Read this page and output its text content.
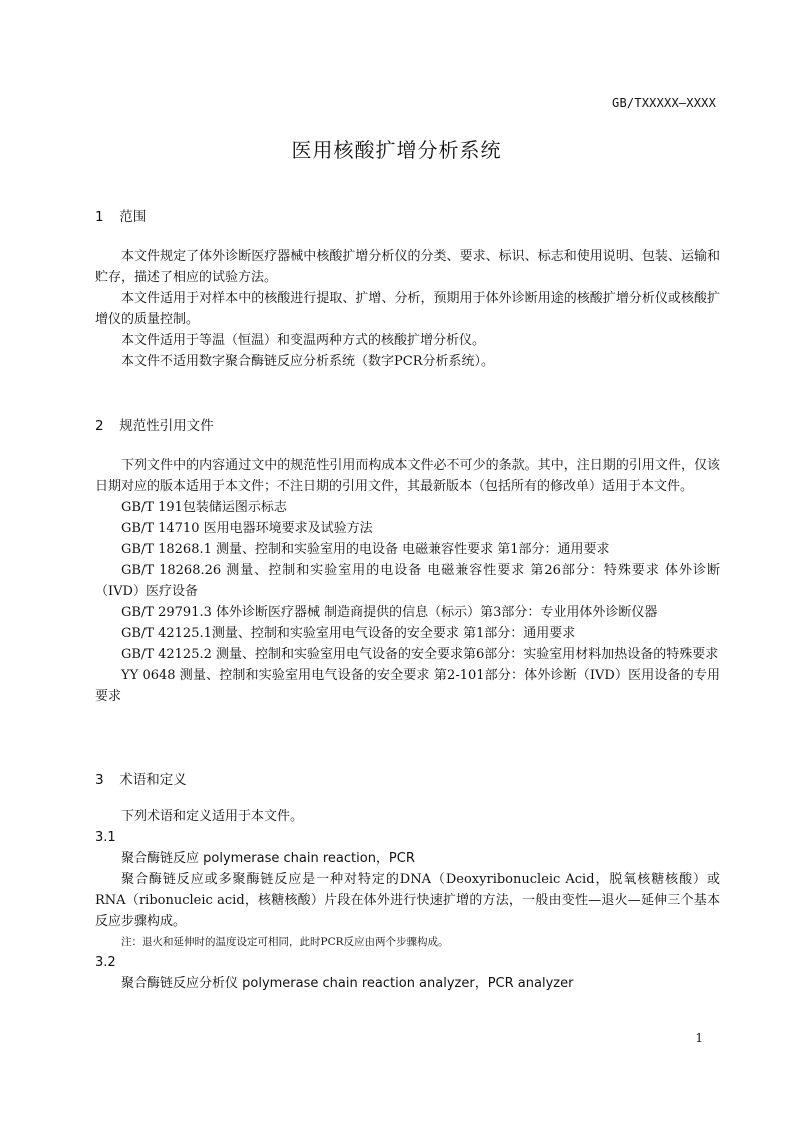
GB/TXXXXX—XXXX
医用核酸扩增分析系统
1 范围

本文件规定了体外诊断医疗器械中核酸扩增分析仪的分类、要求、标识、标志和使用说明、包装、运输和贮存，描述了相应的试验方法。

本文件适用于对样本中的核酸进行提取、扩增、分析，预期用于体外诊断用途的核酸扩增分析仪或核酸扩增仪的质量控制。

本文件适用于等温（恒温）和变温两种方式的核酸扩增分析仪。

本文件不适用数字聚合酶链反应分析系统（数字PCR分析系统）。

2 规范性引用文件

下列文件中的内容通过文中的规范性引用而构成本文件必不可少的条款。其中，注日期的引用文件，仅该日期对应的版本适用于本文件；不注日期的引用文件，其最新版本（包括所有的修改单）适用于本文件。

GB/T 191包装储运图示标志

GB/T 14710 医用电器环境要求及试验方法

GB/T 18268.1 测量、控制和实验室用的电设备 电磁兼容性要求 第1部分：通用要求

GB/T 18268.26 测量、控制和实验室用的电设备 电磁兼容性要求 第26部分：特殊要求 体外诊断（IVD）医疗设备

GB/T 29791.3 体外诊断医疗器械 制造商提供的信息（标示）第3部分：专业用体外诊断仪器

GB/T 42125.1测量、控制和实验室用电气设备的安全要求 第1部分：通用要求

GB/T 42125.2 测量、控制和实验室用电气设备的安全要求第6部分：实验室用材料加热设备的特殊要求

YY 0648 测量、控制和实验室用电气设备的安全要求 第2-101部分：体外诊断（IVD）医用设备的专用要求

3 术语和定义

下列术语和定义适用于本文件。

3.1

聚合酶链反应 polymerase chain reaction，PCR

聚合酶链反应或多聚酶链反应是一种对特定的DNA（Deoxyribonucleic Acid，脱氧核糖核酸）或RNA（ribonucleic acid，核糖核酸）片段在体外进行快速扩增的方法，一般由变性—退火—延伸三个基本反应步骤构成。

注：退火和延伸时的温度设定可相同，此时PCR反应由两个步骤构成。

3.2

聚合酶链反应分析仪 polymerase chain reaction analyzer，PCR analyzer

1
